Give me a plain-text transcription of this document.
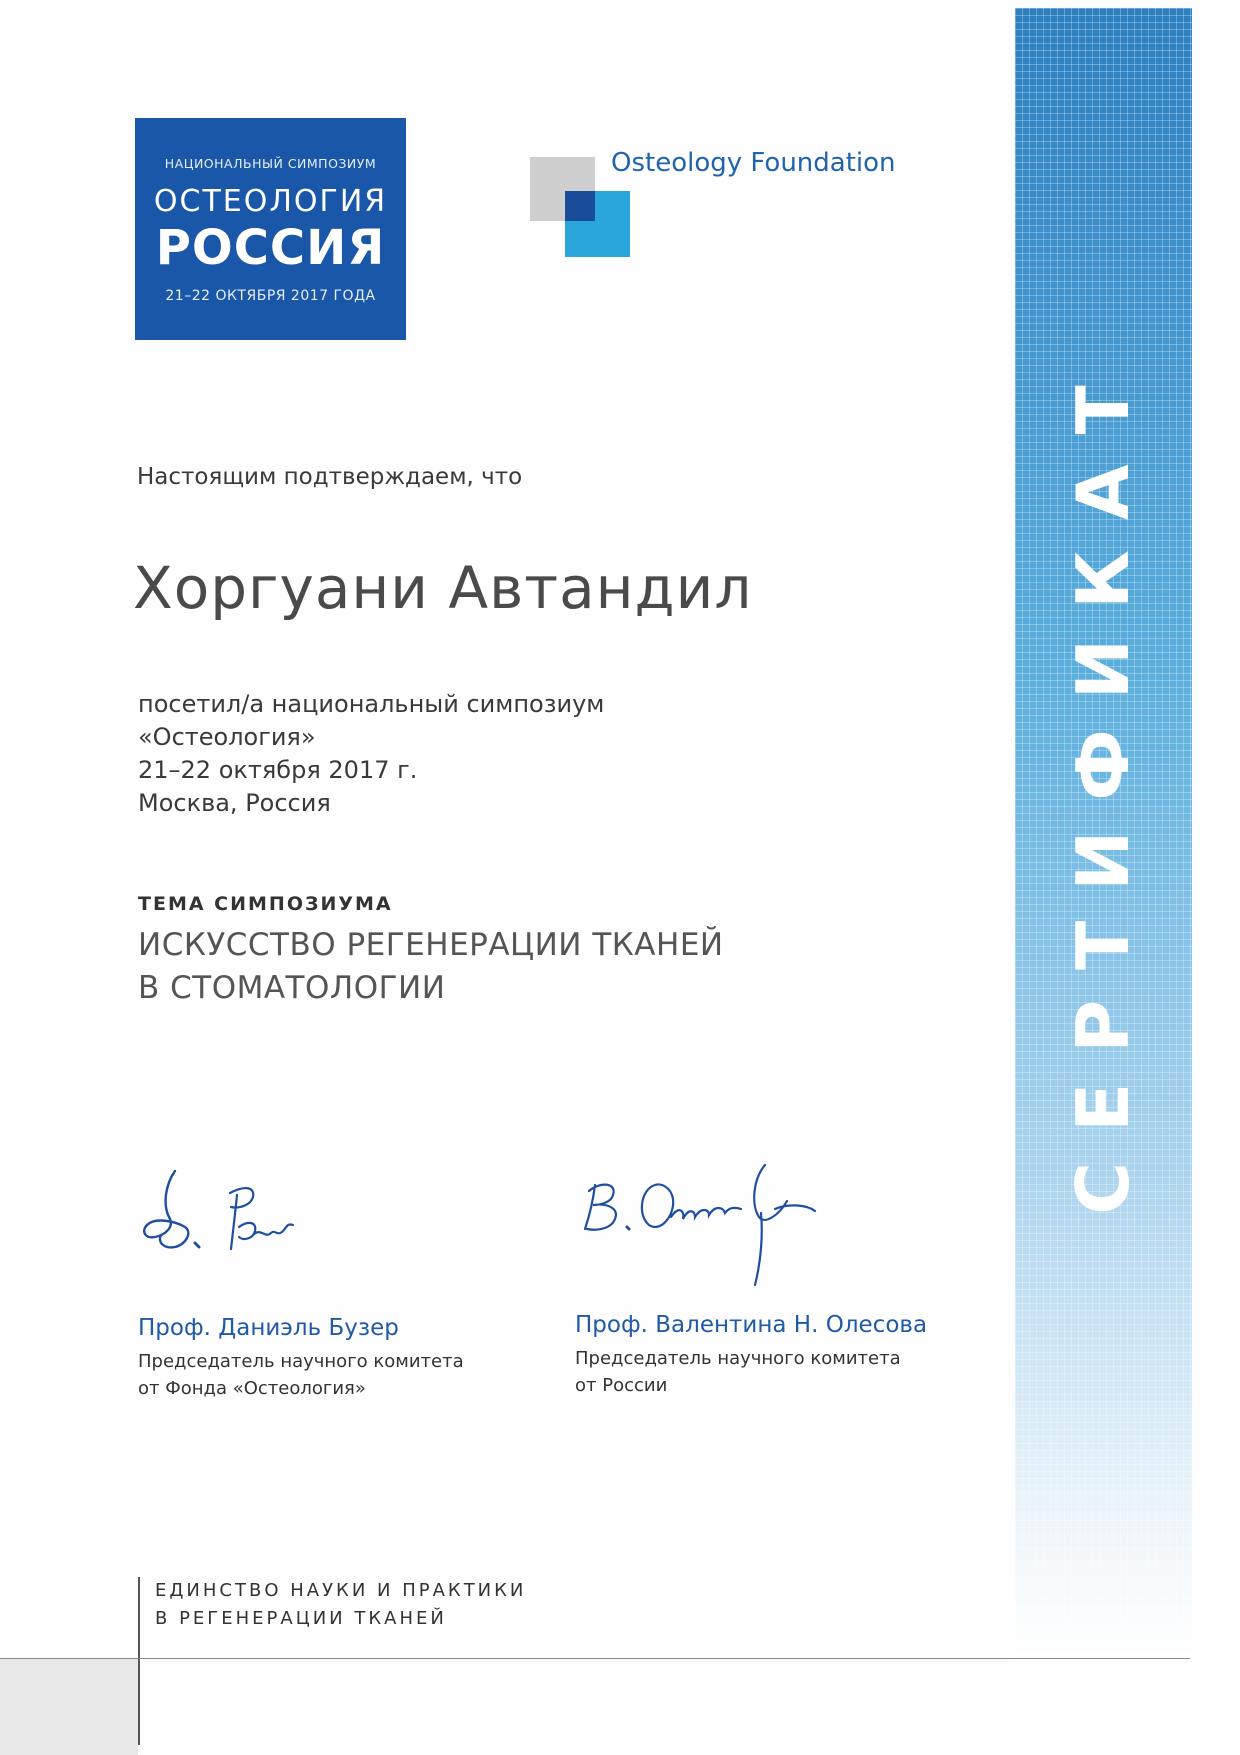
СЕРТИФИКАТ
НАЦИОНАЛЬНЫЙ СИМПОЗИУМ
ОСТЕОЛОГИЯ
РОССИЯ
21–22 ОКТЯБРЯ 2017 ГОДА
Osteology Foundation
Настоящим подтверждаем, что
Хоргуани Автандил
посетил/а национальный симпозиум
«Остеология»
21–22 октября 2017 г.
Москва, Россия
ТЕМА СИМПОЗИУМА
ИСКУССТВО РЕГЕНЕРАЦИИ ТКАНЕЙ
В СТОМАТОЛОГИИ
Проф. Даниэль Бузер
Председатель научного комитета
от Фонда «Остеология»
Проф. Валентина Н. Олесова
Председатель научного комитета
от России
ЕДИНСТВО НАУКИ И ПРАКТИКИ
В РЕГЕНЕРАЦИИ ТКАНЕЙ
